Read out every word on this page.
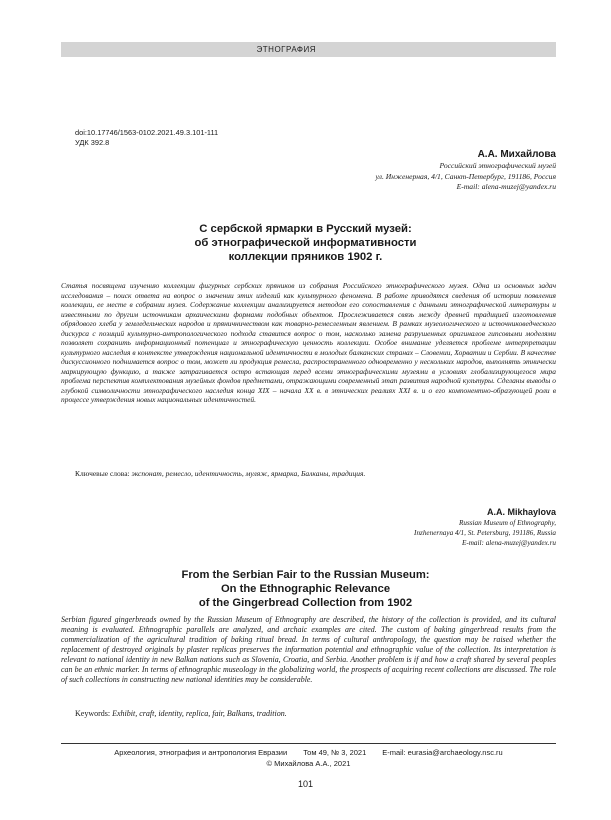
ЭТНОГРАФИЯ
doi:10.17746/1563-0102.2021.49.3.101-111
УДК 392.8
А.А. Михайлова
Российский этнографический музей
ул. Инженерная, 4/1, Санкт-Петербург, 191186, Россия
E-mail: alena-muzej@yandex.ru
С сербской ярмарки в Русский музей:
об этнографической информативности
коллекции пряников 1902 г.

Статья посвящена изучению коллекции фигурных сербских пряников из собрания Российского этнографического музея. Одна из основных задач исследования – поиск ответа на вопрос о значении этих изделий как культурного феномена. В работе приводятся сведения об истории появления коллекции, ее месте в собрании музея. Содержание коллекции анализируется методом его сопоставления с данными этнографической литературы и известными по другим источникам архаическими формами подобных объектов. Прослеживается связь между древней традицией изготовления обрядового хлеба у земледельческих народов и пряничничеством как товарно-ремесленным явлением. В рамках музеологического и источниковедческого дискурса с позиций культурно-антропологического подхода ставится вопрос о том, насколько замена разрушенных оригиналов гипсовыми моделями позволяет сохранить информационный потенциал и этнографическую ценность коллекции. Особое внимание уделяется проблеме интерпретации культурного наследия в контексте утверждения национальной идентичности в молодых балканских странах – Словении, Хорватии и Сербии. В качестве дискуссионного поднимается вопрос о том, может ли продукция ремесла, распространенного одновременно у нескольких народов, выполнять этнически маркирующую функцию, а также затрагивается остро встающая перед всеми этнографическими музеями в условиях глобализирующегося мира проблема перспектив комплектования музейных фондов предметами, отражающими современный этап развития народной культуры. Сделаны выводы о глубокой символичности этнографического наследия конца XIX – начала XX в. в этнических реалиях XXI в. и о его компонентно-образующей роли в процессе утверждения новых национальных идентичностей.

Ключевые слова: экспонат, ремесло, идентичность, муляж, ярмарка, Балканы, традиция.
A.A. Mikhaylova
Russian Museum of Ethnography,
Inzhenernaya 4/1, St. Petersburg, 191186, Russia
E-mail: alena-muzej@yandex.ru
From the Serbian Fair to the Russian Museum:
On the Ethnographic Relevance
of the Gingerbread Collection from 1902

Serbian figured gingerbreads owned by the Russian Museum of Ethnography are described, the history of the collection is provided, and its cultural meaning is evaluated. Ethnographic parallels are analyzed, and archaic examples are cited. The custom of baking gingerbread results from the commercialization of the agricultural tradition of baking ritual bread. In terms of cultural anthropology, the question may be raised whether the replacement of destroyed originals by plaster replicas preserves the information potential and ethnographic value of the collection. Its interpretation is relevant to national identity in new Balkan nations such as Slovenia, Croatia, and Serbia. Another problem is if and how a craft shared by several peoples can be an ethnic marker. In terms of ethnographic museology in the globalizing world, the prospects of acquiring recent collections are discussed. The role of such collections in constructing new national identities may be considerable.

Keywords: Exhibit, craft, identity, replica, fair, Balkans, tradition.
Археология, этнография и антропология Евразии Том 49, № 3, 2021 E-mail: eurasia@archaeology.nsc.ru
© Михайлова А.А., 2021
101
